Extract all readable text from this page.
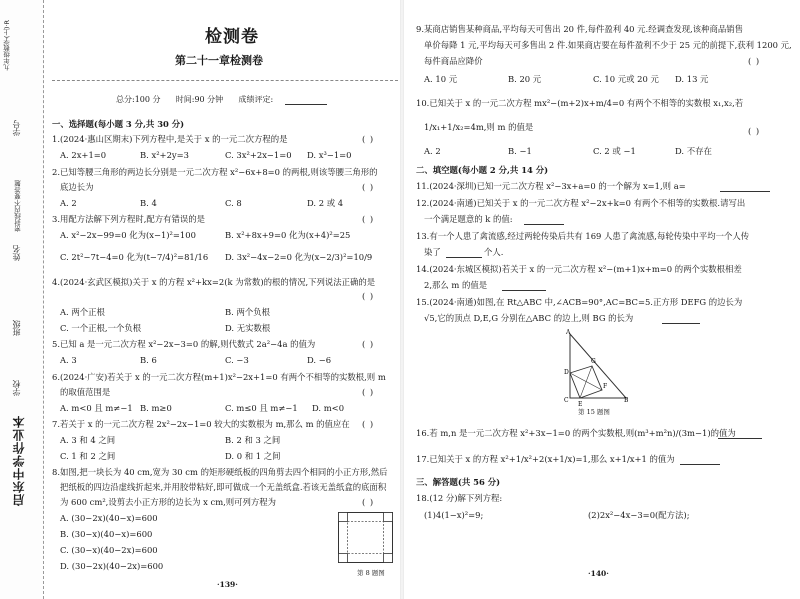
启东中学作业本
九年级数学(上)·R
密封线内不要答题
学校
班级
姓名
学号
检测卷
第二十一章检测卷
总分:100 分      时间:90 分钟      成绩评定:
一、选择题(每小题 3 分,共 30 分)
1.(2024·惠山区期末)下列方程中,是关于 x 的一元二次方程的是	( )
A. 2x+1=0	B. x²+2y=3	C. 3x²+2x−1=0 D. x³−1=0
2.已知等腰三角形的两边长分别是一元二次方程 x²−6x+8=0 的两根,则该等腰三角形的
底边长为	( )
A. 2	B. 4	C. 8	D. 2 或 4
3.用配方法解下列方程时,配方有错误的是	( )
A. x²−2x−99=0 化为(x−1)²=100	B. x²+8x+9=0 化为(x+4)²=25
C. 2t²−7t−4=0 化为(t−7/4)²=81/16 D. 3x²−4x−2=0 化为(x−2/3)²=10/9
4.(2024·玄武区模拟)关于 x 的方程 x²+kx=2(k 为常数)的根的情况,下列说法正确的是
( )
A. 两个正根	B. 两个负根
C. 一个正根,一个负根	D. 无实数根
5.已知 a 是一元二次方程 x²−2x−3=0 的解,则代数式 2a²−4a 的值为	( )
A. 3	B. 6	C. −3	D. −6
6.(2024·广安)若关于 x 的一元二次方程(m+1)x²−2x+1=0 有两个不相等的实数根,则 m
的取值范围是	( )
A. m<0 且 m≠−1 B. m≥0	C. m≤0 且 m≠−1 D. m<0
7.若关于 x 的一元二次方程 2x²−2x−1=0 较大的实数根为 m,那么 m 的值应在 ( )
A. 3 和 4 之间	B. 2 和 3 之间
C. 1 和 2 之间	D. 0 和 1 之间
8.如图,把一块长为 40 cm,宽为 30 cm 的矩形硬纸板的四角剪去四个相同的小正方形,然后
把纸板的四边沿虚线折起来,并用胶带粘好,即可做成一个无盖纸盒.若该无盖纸盒的底面积
为 600 cm²,设剪去小正方形的边长为 x cm,则可列方程为	( )
A. (30−2x)(40−x)=600
B. (30−x)(40−x)=600
C. (30−x)(40−2x)=600
D. (30−2x)(40−2x)=600
第 8 题图
·139·
9.某商店销售某种商品,平均每天可售出 20 件,每件盈利 40 元.经调查发现,该种商品销售
单价每降 1 元,平均每天可多售出 2 件.如果商店要在每件盈利不少于 25 元的前提下,获利 1200 元,
每件商品应降价	( )
A. 10 元	B. 20 元	C. 10 元或 20 元 D. 13 元
10.已知关于 x 的一元二次方程 mx²−(m+2)x+m/4=0 有两个不相等的实数根 x₁,x₂,若
1/x₁+1/x₂=4m,则 m 的值是	( )
A. 2	B. −1	C. 2 或 −1	D. 不存在
二、填空题(每小题 2 分,共 14 分)
11.(2024·深圳)已知一元二次方程 x²−3x+a=0 的一个解为 x=1,则 a=
12.(2024·南通)已知关于 x 的一元二次方程 x²−2x+k=0 有两个不相等的实数根.请写出
一个满足题意的 k 的值:
13.有一个人患了禽流感,经过两轮传染后共有 169 人患了禽流感,每轮传染中平均一个人传
染了	个人.
14.(2024·东城区模拟)若关于 x 的一元二次方程 x²−(m+1)x+m=0 的两个实数根相差
2,那么 m 的值是
15.(2024·南通)如图,在 Rt△ABC 中,∠ACB=90°,AC=BC=5.正方形 DEFG 的边长为
√5,它的顶点 D,E,G 分别在△ABC 的边上,则 BG 的长为
A
C	B
D
E
F
G
第 15 题图
16.若 m,n 是一元二次方程 x²+3x−1=0 的两个实数根,则(m³+m²n)/(3m−1)的值为
17.已知关于 x 的方程 x²+1/x²+2(x+1/x)=1,那么 x+1/x+1 的值为
三、解答题(共 56 分)
18.(12 分)解下列方程:
(1)4(1−x)²=9;	(2)2x²−4x−3=0(配方法);
·140·
